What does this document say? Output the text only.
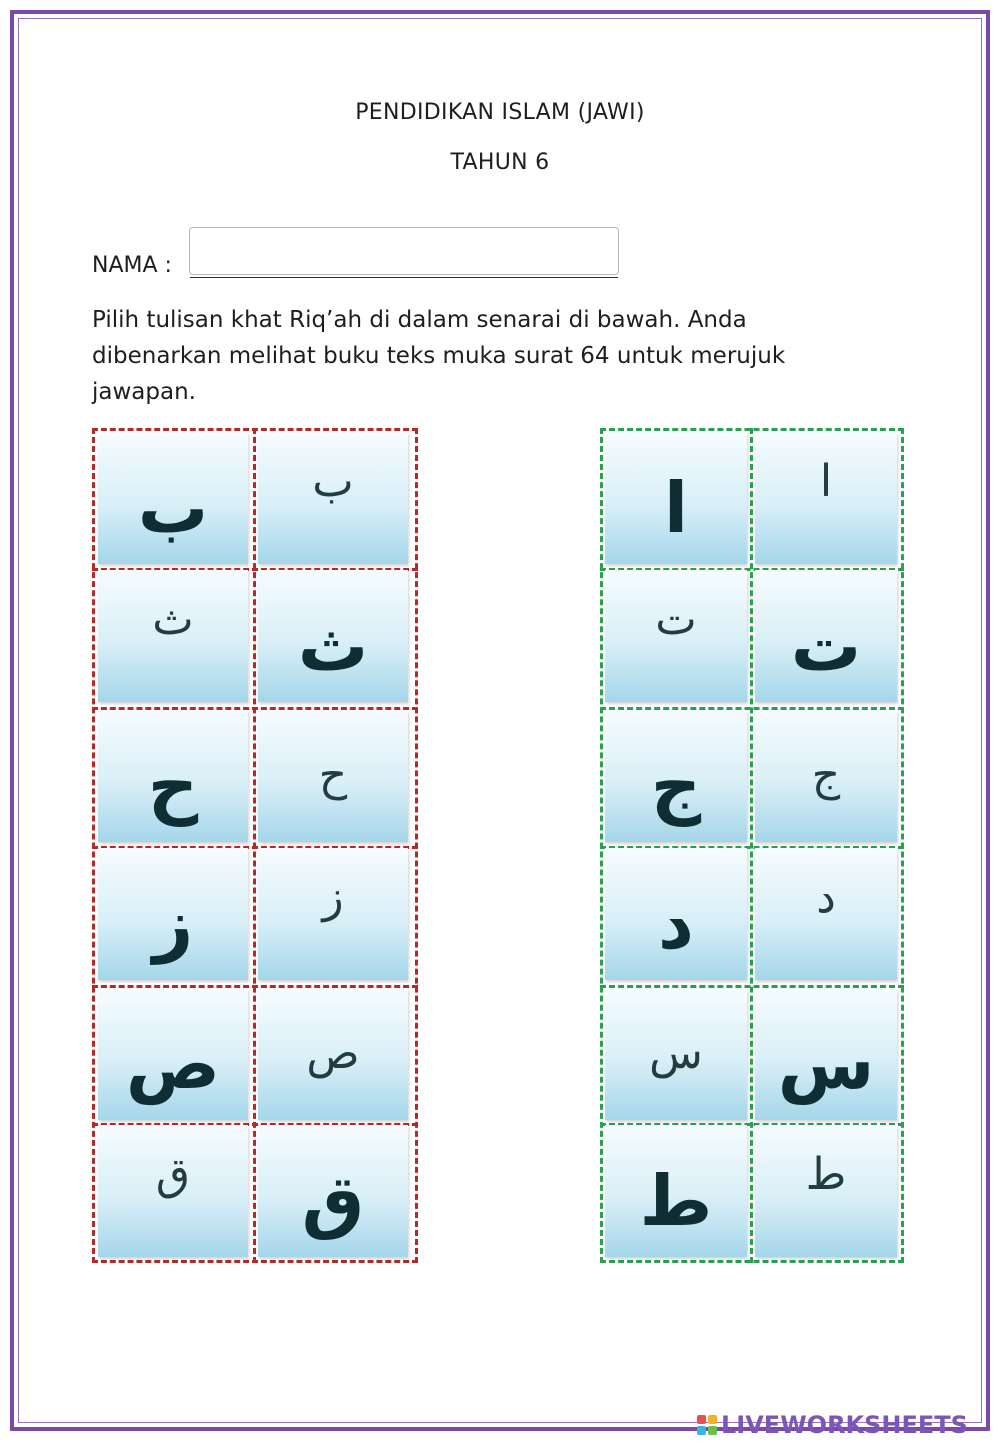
PENDIDIKAN ISLAM (JAWI)
TAHUN 6
NAMA :

Pilih tulisan khat Riq’ah di dalam senarai di bawah. Anda dibenarkan melihat buku teks muka surat 64 untuk merujuk jawapan.

ب ب
ث ث
ح	ح
ز	ز
ص ص
ق ق
ا	ا
ت ت
ج	ج
د	د
س س
ط ط
LIVEWORKSHEETS
